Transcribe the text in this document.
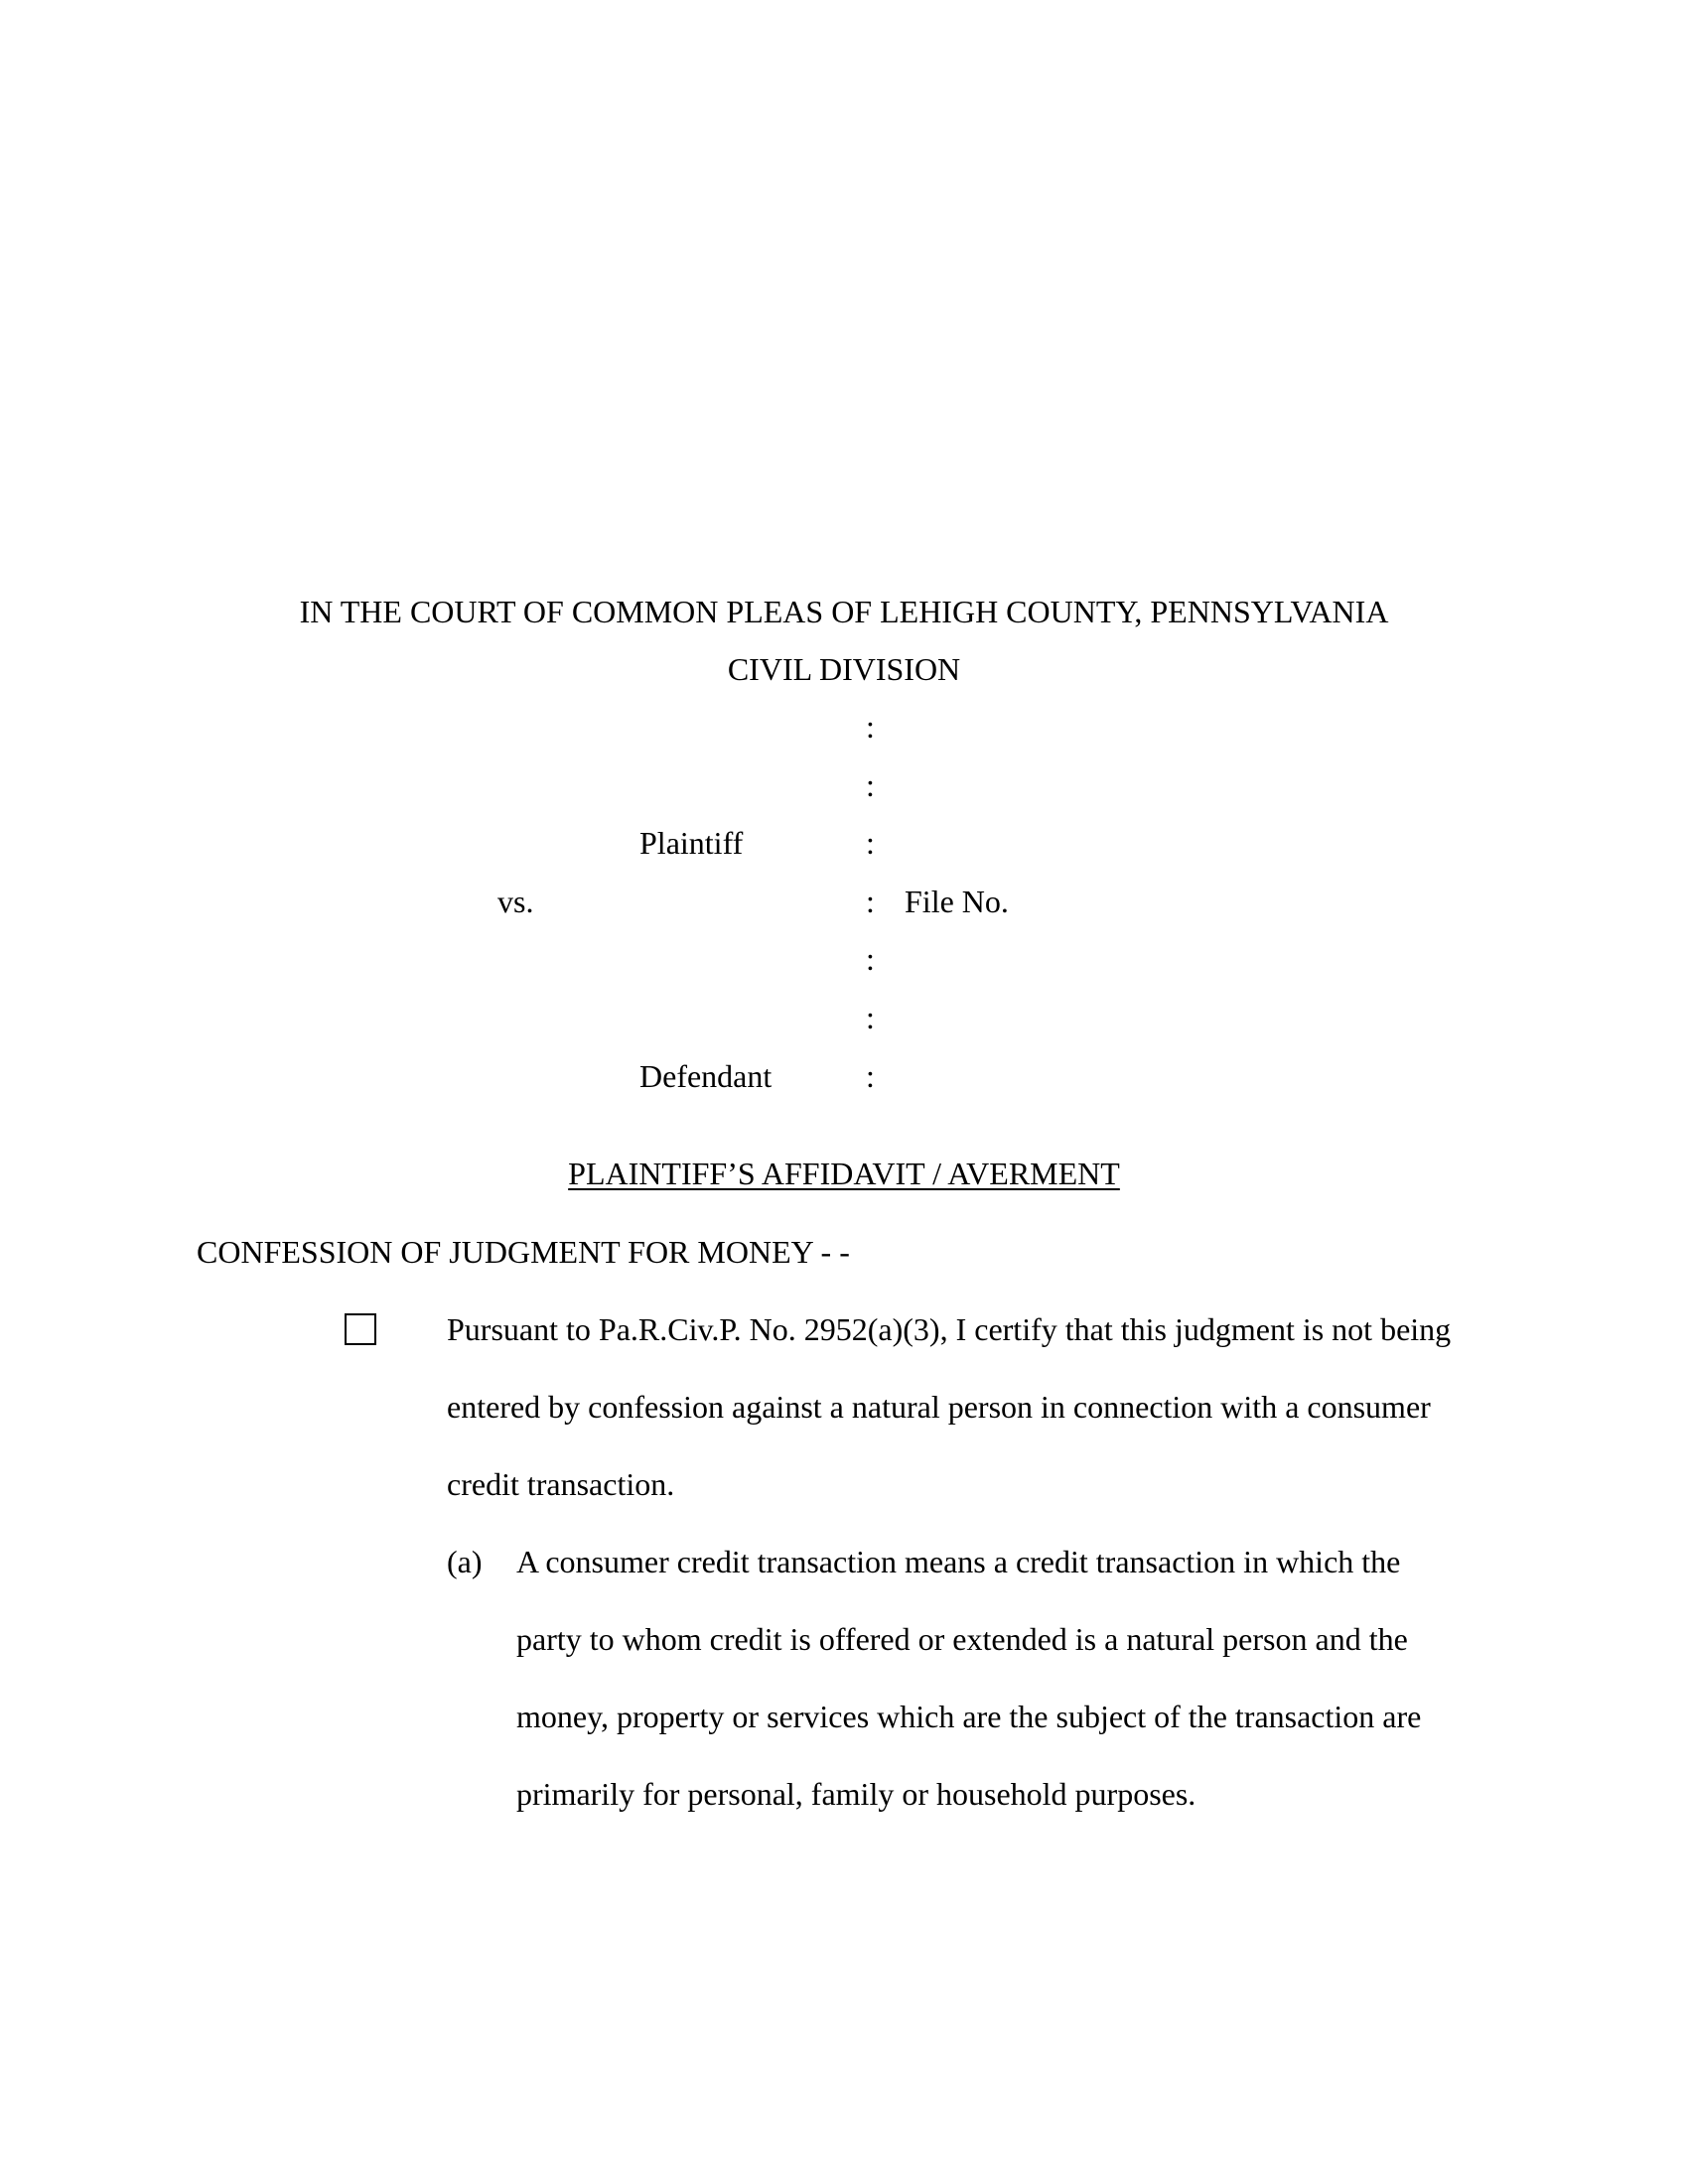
IN THE COURT OF COMMON PLEAS OF LEHIGH COUNTY, PENNSYLVANIA
CIVIL DIVISION
:
:
:
:
:
:
:
Plaintiff
vs.	File No.
Defendant
PLAINTIFF’S AFFIDAVIT / AVERMENT
CONFESSION OF JUDGMENT FOR MONEY - -
Pursuant to Pa.R.Civ.P. No. 2952(a)(3), I certify that this judgment is not being
entered by confession against a natural person in connection with a consumer
credit transaction.
(a) A consumer credit transaction means a credit transaction in which the
party to whom credit is offered or extended is a natural person and the
money, property or services which are the subject of the transaction are
primarily for personal, family or household purposes.
